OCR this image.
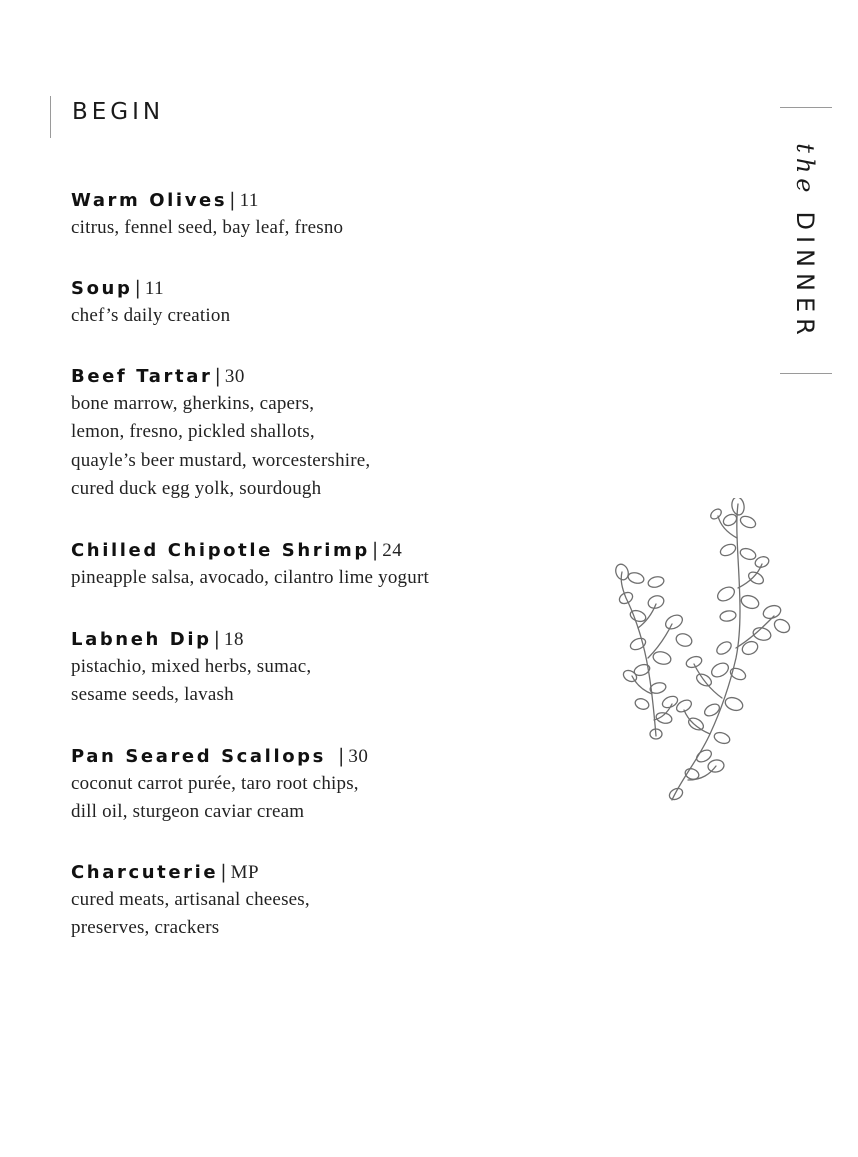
BEGIN
Warm Olives | 11
citrus, fennel seed, bay leaf, fresno
Soup | 11
chef’s daily creation
Beef Tartar | 30
bone marrow, gherkins, capers,
lemon, fresno, pickled shallots,
quayle’s beer mustard, worcestershire,
cured duck egg yolk, sourdough
Chilled Chipotle Shrimp | 24
pineapple salsa, avocado, cilantro lime yogurt
Labneh Dip | 18
pistachio, mixed herbs, sumac,
sesame seeds, lavash
Pan Seared Scallops | 30
coconut carrot purée, taro root chips,
dill oil, sturgeon caviar cream
Charcuterie | MP
cured meats, artisanal cheeses,
preserves, crackers
theDINNER
